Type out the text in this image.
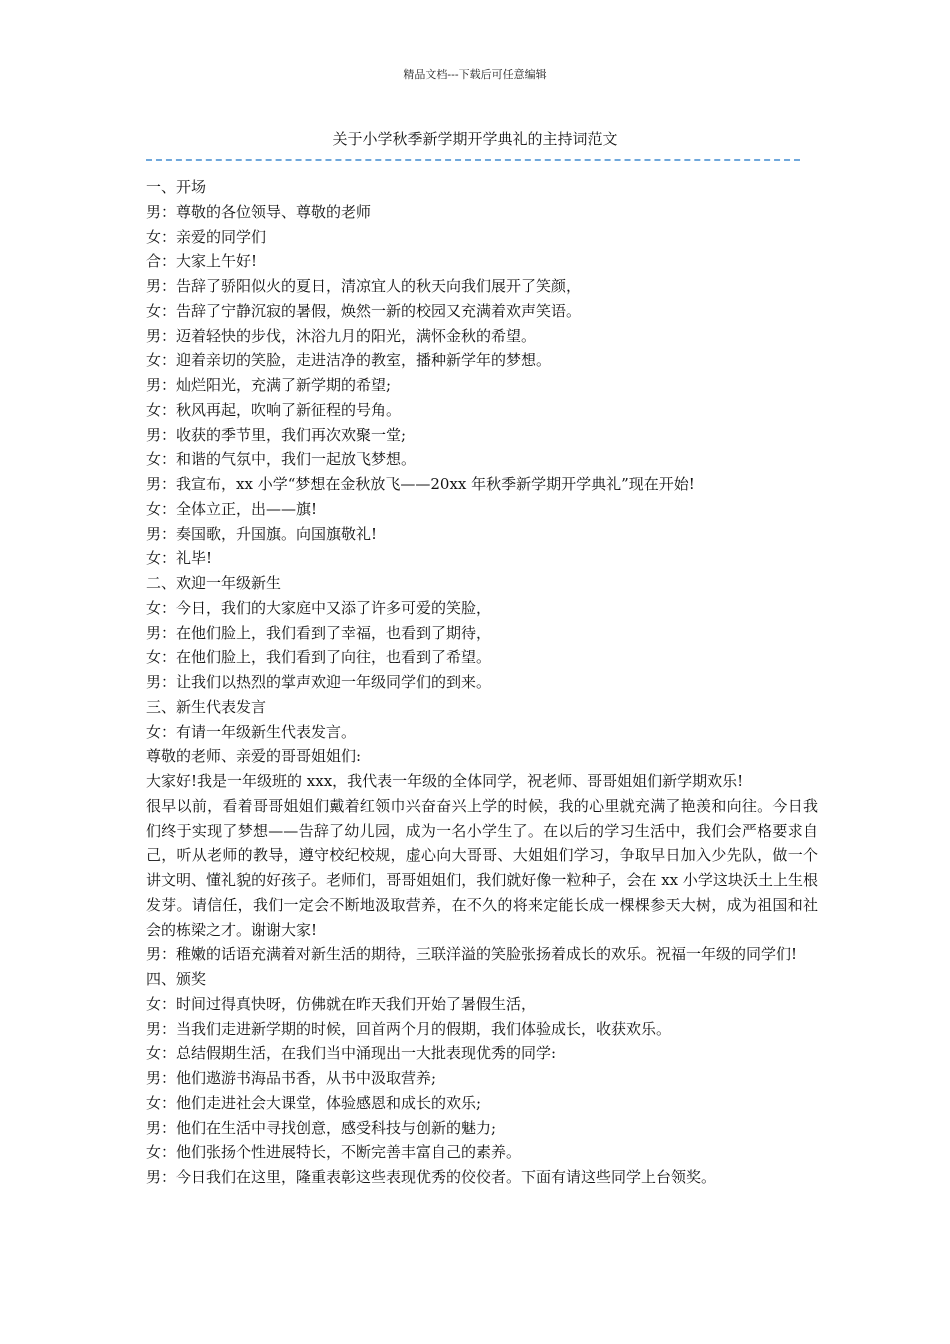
精品文档---下载后可任意编辑
关于小学秋季新学期开学典礼的主持词范文
一、开场
男：尊敬的各位领导、尊敬的老师
女：亲爱的同学们
合：大家上午好!
男：告辞了骄阳似火的夏日，清凉宜人的秋天向我们展开了笑颜，
女：告辞了宁静沉寂的暑假，焕然一新的校园又充满着欢声笑语。
男：迈着轻快的步伐，沐浴九月的阳光，满怀金秋的希望。
女：迎着亲切的笑脸，走进洁净的教室，播种新学年的梦想。
男：灿烂阳光，充满了新学期的希望;
女：秋风再起，吹响了新征程的号角。
男：收获的季节里，我们再次欢聚一堂;
女：和谐的气氛中，我们一起放飞梦想。
男：我宣布，xx 小学“梦想在金秋放飞——20xx 年秋季新学期开学典礼”现在开始!
女：全体立正，出——旗!
男：奏国歌，升国旗。向国旗敬礼!
女：礼毕!
二、欢迎一年级新生
女：今日，我们的大家庭中又添了许多可爱的笑脸，
男：在他们脸上，我们看到了幸福，也看到了期待，
女：在他们脸上，我们看到了向往，也看到了希望。
男：让我们以热烈的掌声欢迎一年级同学们的到来。
三、新生代表发言
女：有请一年级新生代表发言。
尊敬的老师、亲爱的哥哥姐姐们:
大家好!我是一年级班的 xxx，我代表一年级的全体同学，祝老师、哥哥姐姐们新学期欢乐!
很早以前，看着哥哥姐姐们戴着红领巾兴奋奋兴上学的时候，我的心里就充满了艳羡和向往。今日我们终于实现了梦想——告辞了幼儿园，成为一名小学生了。在以后的学习生活中，我们会严格要求自己，听从老师的教导，遵守校纪校规，虚心向大哥哥、大姐姐们学习，争取早日加入少先队，做一个讲文明、懂礼貌的好孩子。老师们，哥哥姐姐们，我们就好像一粒种子，会在 xx 小学这块沃土上生根发芽。请信任，我们一定会不断地汲取营养，在不久的将来定能长成一棵棵参天大树，成为祖国和社会的栋梁之才。谢谢大家!
男：稚嫩的话语充满着对新生活的期待，三联洋溢的笑脸张扬着成长的欢乐。祝福一年级的同学们!
四、颁奖
女：时间过得真快呀，仿佛就在昨天我们开始了暑假生活，
男：当我们走进新学期的时候，回首两个月的假期，我们体验成长，收获欢乐。
女：总结假期生活，在我们当中涌现出一大批表现优秀的同学:
男：他们遨游书海品书香，从书中汲取营养;
女：他们走进社会大课堂，体验感恩和成长的欢乐;
男：他们在生活中寻找创意，感受科技与创新的魅力;
女：他们张扬个性进展特长，不断完善丰富自己的素养。
男：今日我们在这里，隆重表彰这些表现优秀的佼佼者。下面有请这些同学上台领奖。
